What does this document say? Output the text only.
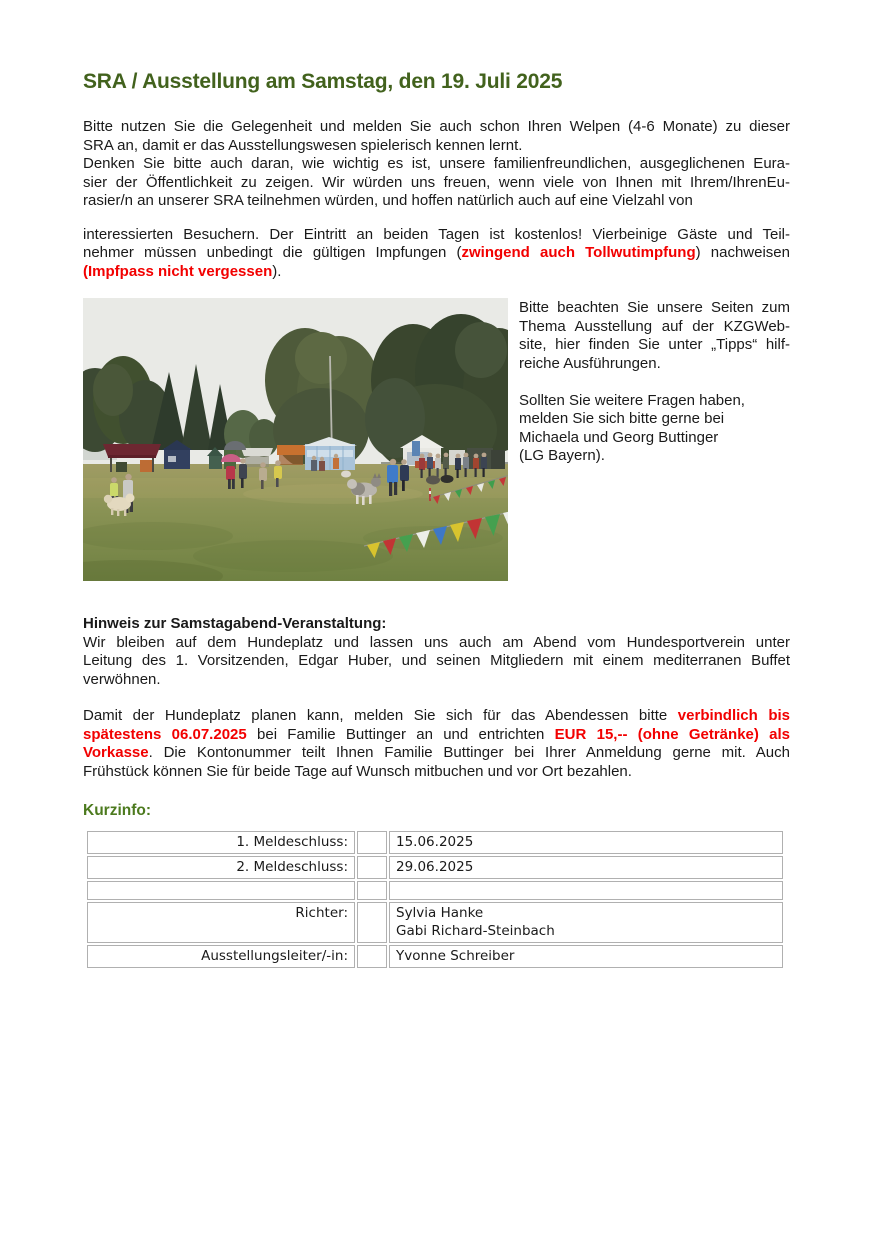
SRA / Ausstellung am Samstag, den 19. Juli 2025
Bitte nutzen Sie die Gelegenheit und melden Sie auch schon Ihren Welpen (4-6 Monate) zu dieser
SRA an, damit er das Ausstellungswesen spielerisch kennen lernt.
Denken Sie bitte auch daran, wie wichtig es ist, unsere familienfreundlichen, ausgeglichenen Eura-
sier der Öffentlichkeit zu zeigen. Wir würden uns freuen, wenn viele von Ihnen mit Ihrem/IhrenEu-
rasier/n an unserer SRA teilnehmen würden, und hoffen natürlich auch auf eine Vielzahl von
interessierten Besuchern. Der Eintritt an beiden Tagen ist kostenlos! Vierbeinige Gäste und Teil-
nehmer müssen unbedingt die gültigen Impfungen (zwingend auch Tollwutimpfung) nachweisen
(Impfpass nicht vergessen).
Bitte beachten Sie unsere Seiten zum
Thema Ausstellung auf der KZGWeb-
site, hier finden Sie unter „Tipps“ hilf-
reiche Ausführungen.
Sollten Sie weitere Fragen haben,
melden Sie sich bitte gerne bei
Michaela und Georg Buttinger
(LG Bayern).
Hinweis zur Samstagabend-Veranstaltung:
Wir bleiben auf dem Hundeplatz und lassen uns auch am Abend vom Hundesportverein unter
Leitung des 1. Vorsitzenden, Edgar Huber, und seinen Mitgliedern mit einem mediterranen Buffet
verwöhnen.
Damit der Hundeplatz planen kann, melden Sie sich für das Abendessen bitte verbindlich bis
spätestens 06.07.2025 bei Familie Buttinger an und entrichten EUR 15,-- (ohne Getränke) als
Vorkasse. Die Kontonummer teilt Ihnen Familie Buttinger bei Ihrer Anmeldung gerne mit. Auch
Frühstück können Sie für beide Tage auf Wunsch mitbuchen und vor Ort bezahlen.
Kurzinfo:
1. Meldeschluss:		15.06.2025
2. Meldeschluss:		29.06.2025

Richter:		Sylvia Hanke
Gabi Richard-Steinbach

Ausstellungsleiter/-in:		Yvonne Schreiber
